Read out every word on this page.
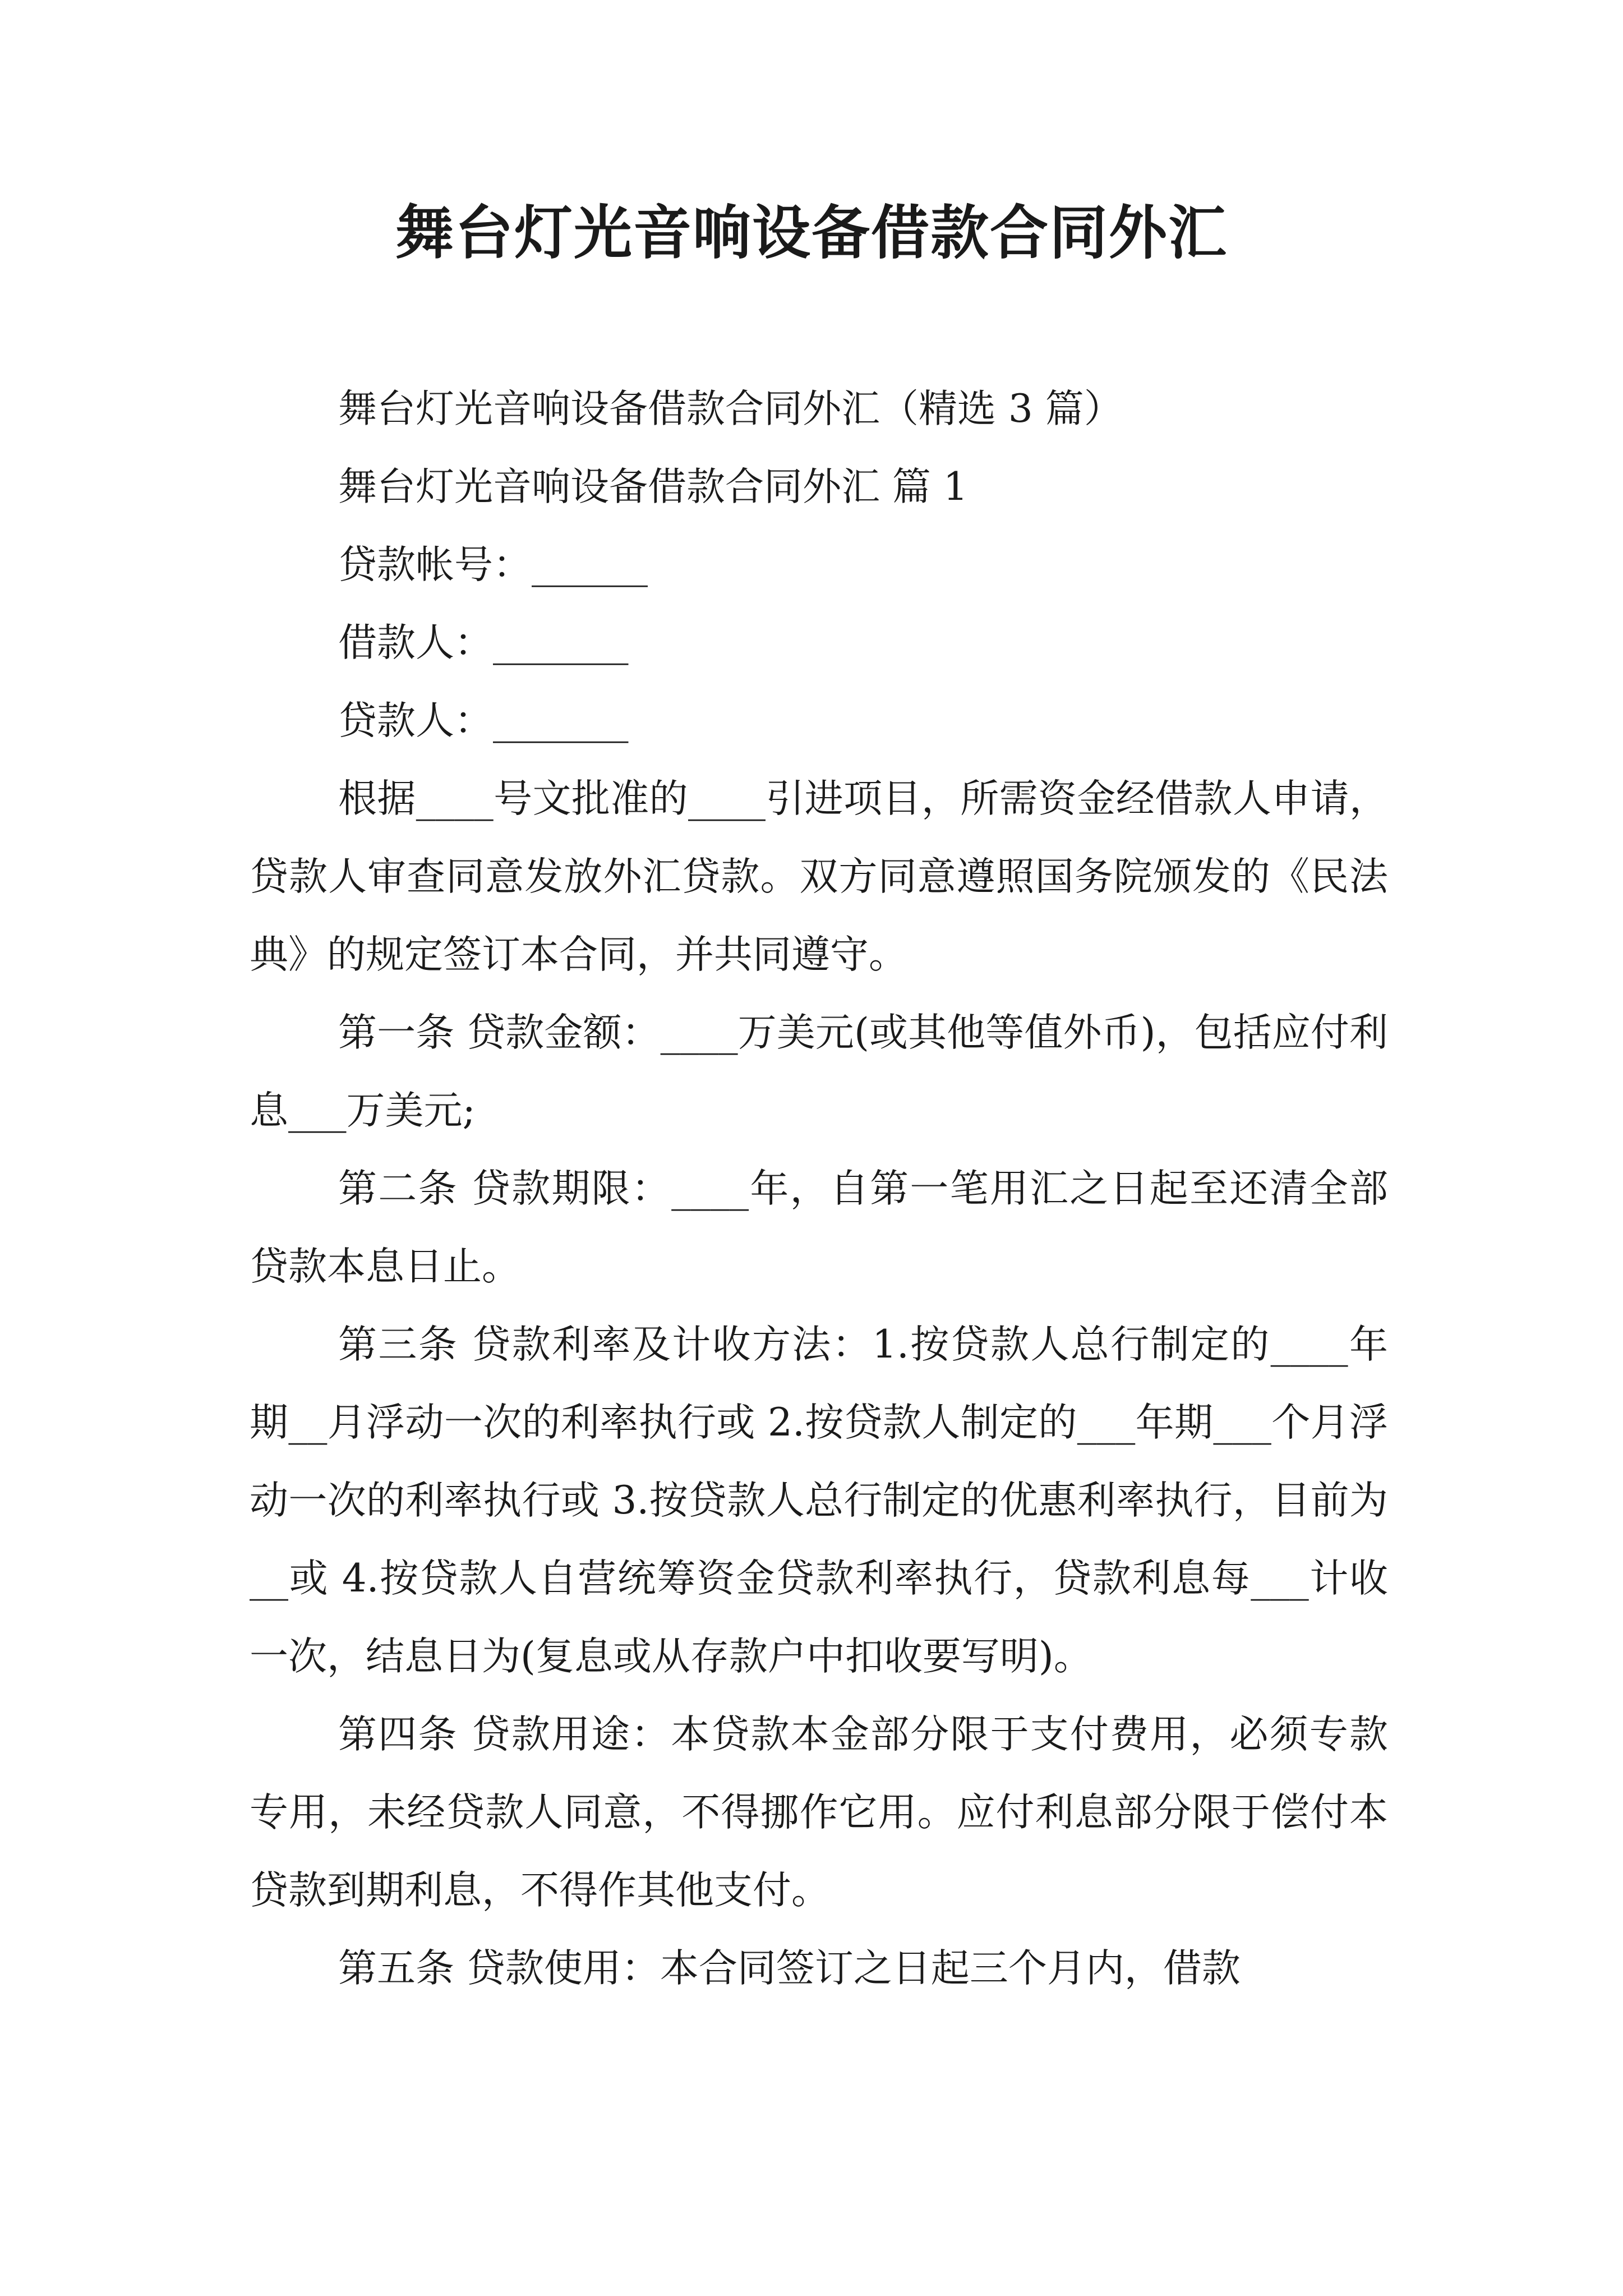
舞台灯光音响设备借款合同外汇

舞台灯光音响设备借款合同外汇（精选 3 篇）

舞台灯光音响设备借款合同外汇 篇 1

贷款帐号：______

借款人：_______

贷款人：_______

根据____号文批准的____引进项目，所需资金经借款人申请，贷款人审查同意发放外汇贷款。双方同意遵照国务院颁发的《民法典》的规定签订本合同，并共同遵守。

第一条 贷款金额：____万美元(或其他等值外币)，包括应付利息___万美元;

第二条 贷款期限：____年，自第一笔用汇之日起至还清全部贷款本息日止。

第三条 贷款利率及计收方法：1.按贷款人总行制定的____年期__月浮动一次的利率执行或 2.按贷款人制定的___年期___个月浮动一次的利率执行或 3.按贷款人总行制定的优惠利率执行，目前为__或 4.按贷款人自营统筹资金贷款利率执行，贷款利息每___计收一次，结息日为(复息或从存款户中扣收要写明)。

第四条 贷款用途：本贷款本金部分限于支付费用，必须专款专用，未经贷款人同意，不得挪作它用。应付利息部分限于偿付本贷款到期利息，不得作其他支付。

第五条 贷款使用：本合同签订之日起三个月内，借款
